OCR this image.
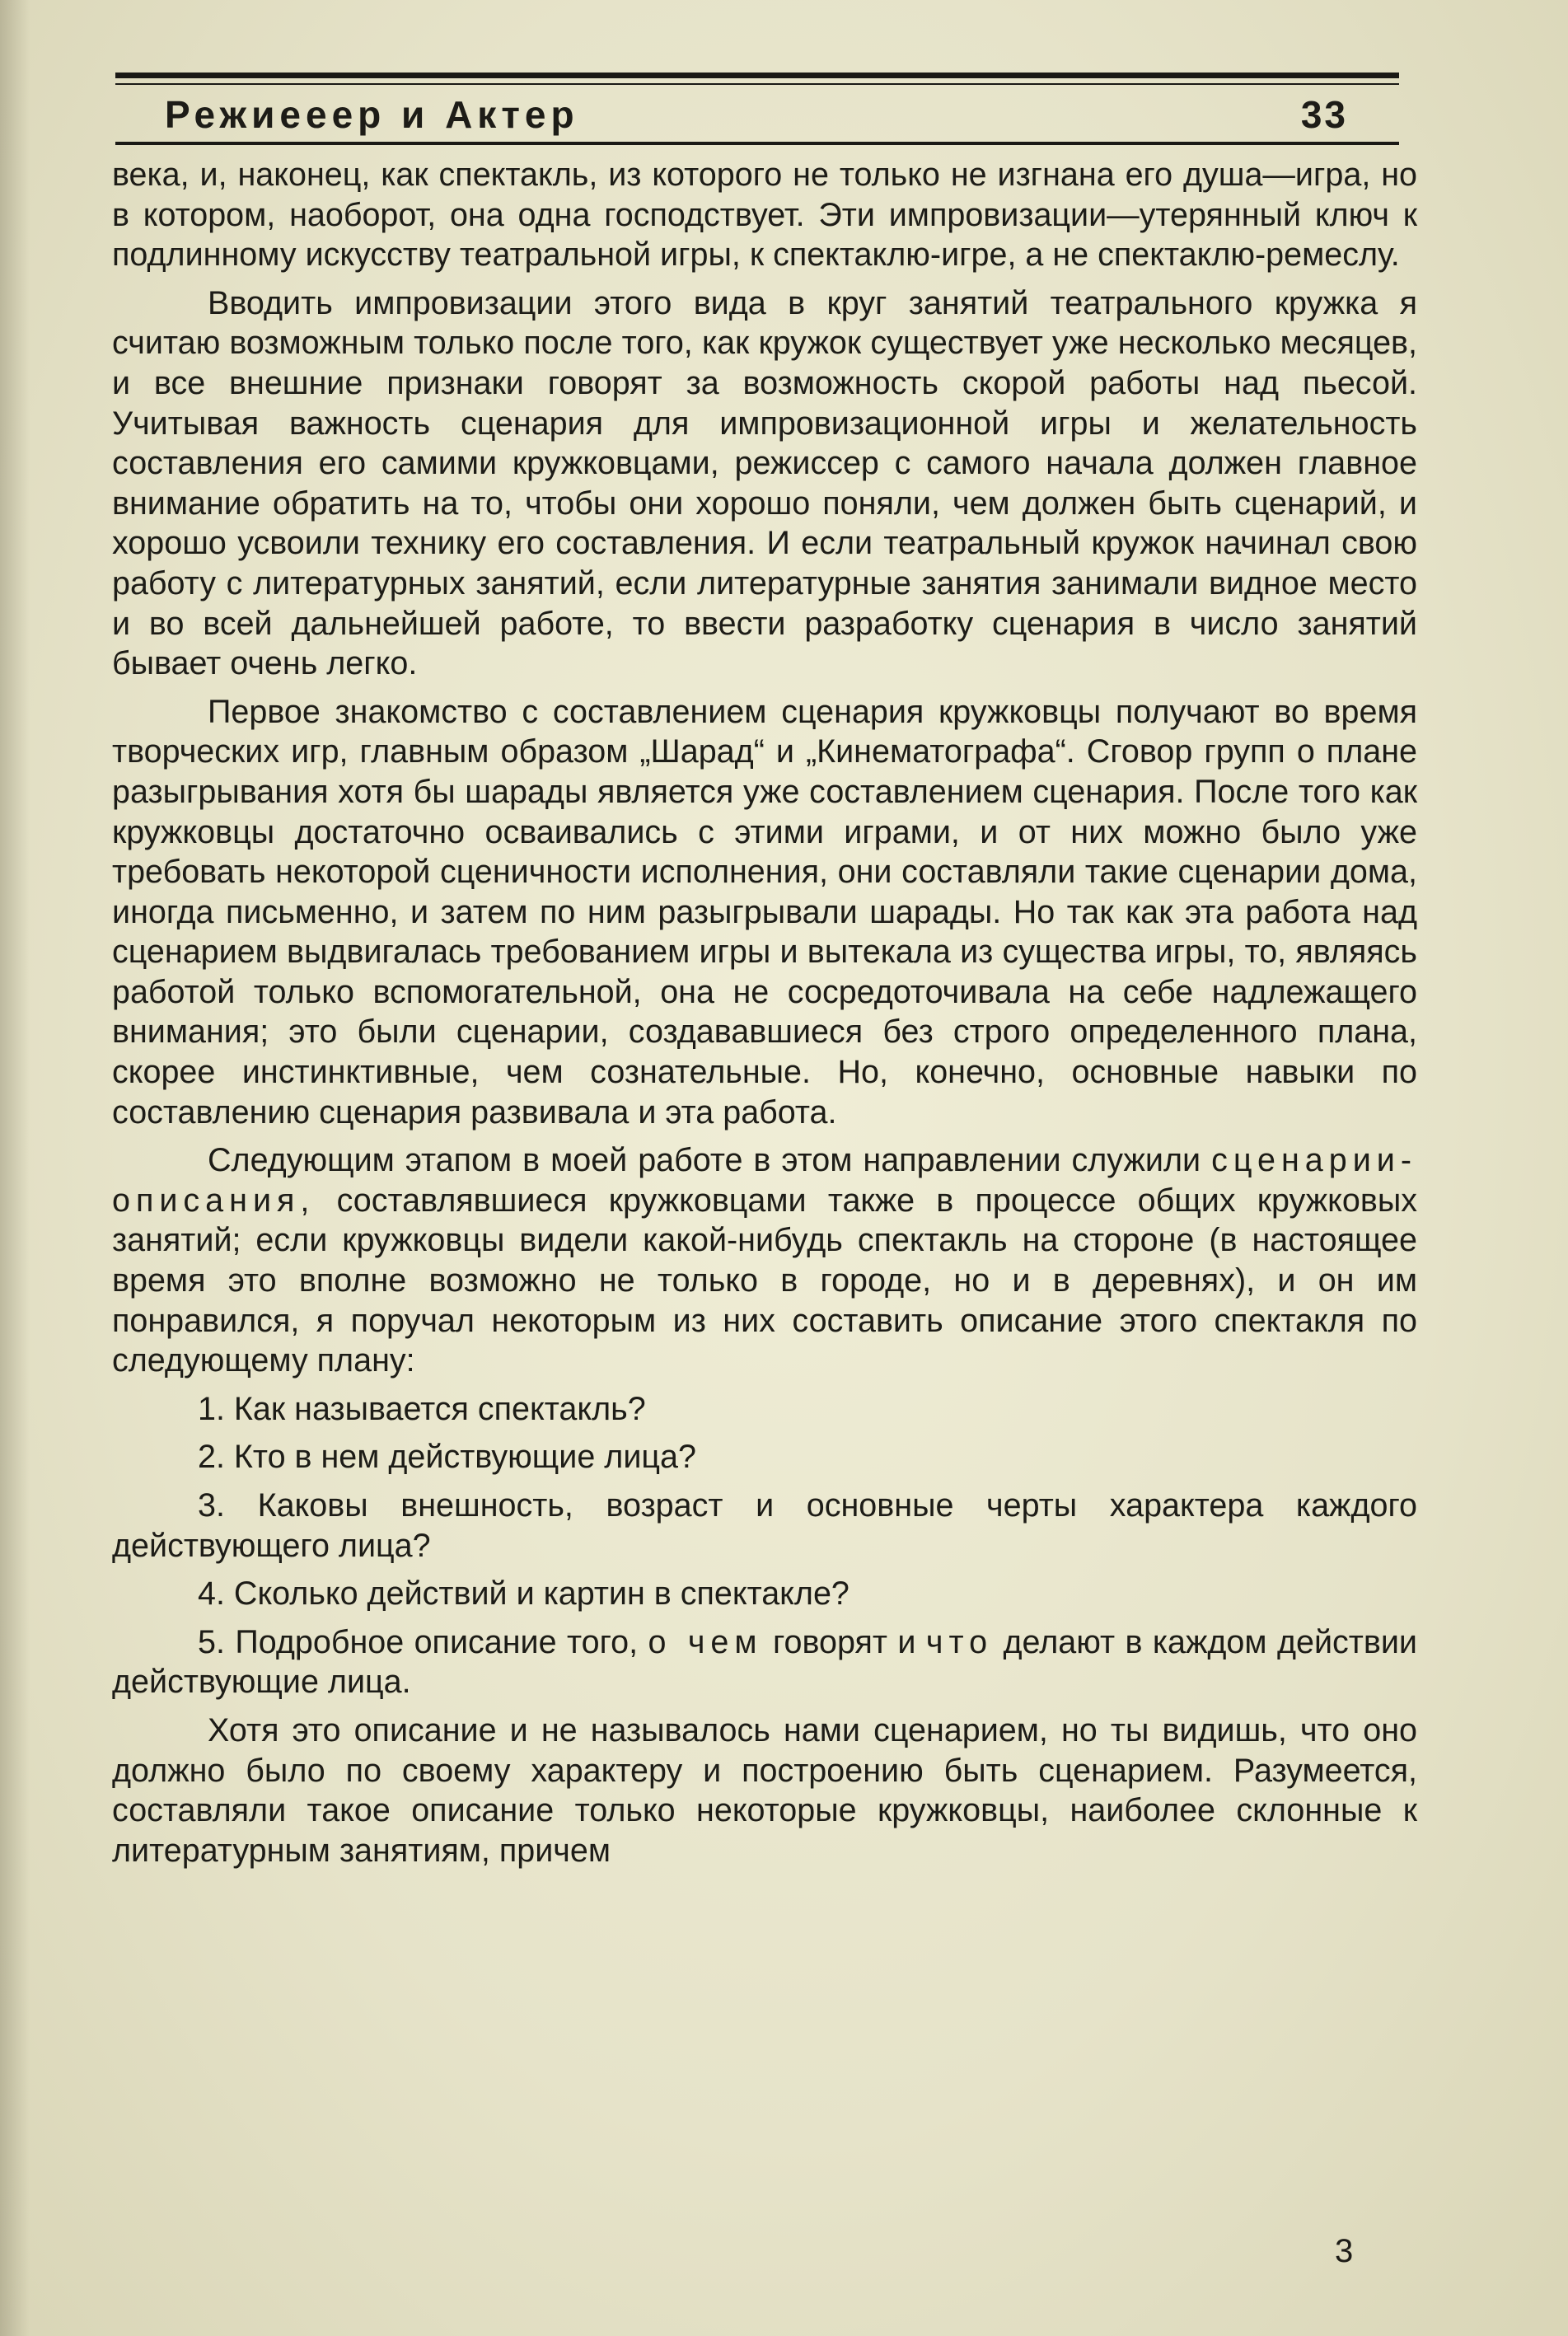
Режиееер и Актер	33

века, и, наконец, как спектакль, из которого не только не изгнана его душа—игра, но в котором, наоборот, она одна господствует. Эти импровизации—утерянный ключ к подлинному искусству театральной игры, к спектаклю-игре, а не спектаклю-ремеслу.

Вводить импровизации этого вида в круг занятий театрального кружка я считаю возможным только после того, как кружок существует уже несколько месяцев, и все внешние признаки говорят за возможность скорой работы над пьесой. Учитывая важность сценария для импровизационной игры и желательность составления его самими кружковцами, режиссер с самого начала должен главное внимание обратить на то, чтобы они хорошо поняли, чем должен быть сценарий, и хорошо усвоили технику его составления. И если театральный кружок начинал свою работу с литературных занятий, если литературные занятия занимали видное место и во всей дальнейшей работе, то ввести разработку сценария в число занятий бывает очень легко.

Первое знакомство с составлением сценария кружковцы получают во время творческих игр, главным образом „Шарад“ и „Кинематографа“. Сговор групп о плане разыгрывания хотя бы шарады является уже составлением сценария. После того как кружковцы достаточно осваивались с этими играми, и от них можно было уже требовать некоторой сценичности исполнения, они составляли такие сценарии дома, иногда письменно, и затем по ним разыгрывали шарады. Но так как эта работа над сценарием выдвигалась требованием игры и вытекала из существа игры, то, являясь работой только вспомогательной, она не сосредоточивала на себе надлежащего внимания; это были сценарии, создававшиеся без строго определенного плана, скорее инстинктивные, чем сознательные. Но, конечно, основные навыки по составлению сценария развивала и эта работа.

Следующим этапом в моей работе в этом направлении служили сценарии-описания, составлявшиеся кружковцами также в процессе общих кружковых занятий; если кружковцы видели какой-нибудь спектакль на стороне (в настоящее время это вполне возможно не только в городе, но и в деревнях), и он им понравился, я поручал некоторым из них составить описание этого спектакля по следующему плану:

1. Как называется спектакль?

2. Кто в нем действующие лица?

3. Каковы внешность, возраст и основные черты характера каждого действующего лица?

4. Сколько действий и картин в спектакле?

5. Подробное описание того, о чем говорят и что делают в каждом действии действующие лица.

Хотя это описание и не называлось нами сценарием, но ты видишь, что оно должно было по своему характеру и построению быть сценарием. Разумеется, составляли такое описание только некоторые кружковцы, наиболее склонные к литературным занятиям, причем

3
